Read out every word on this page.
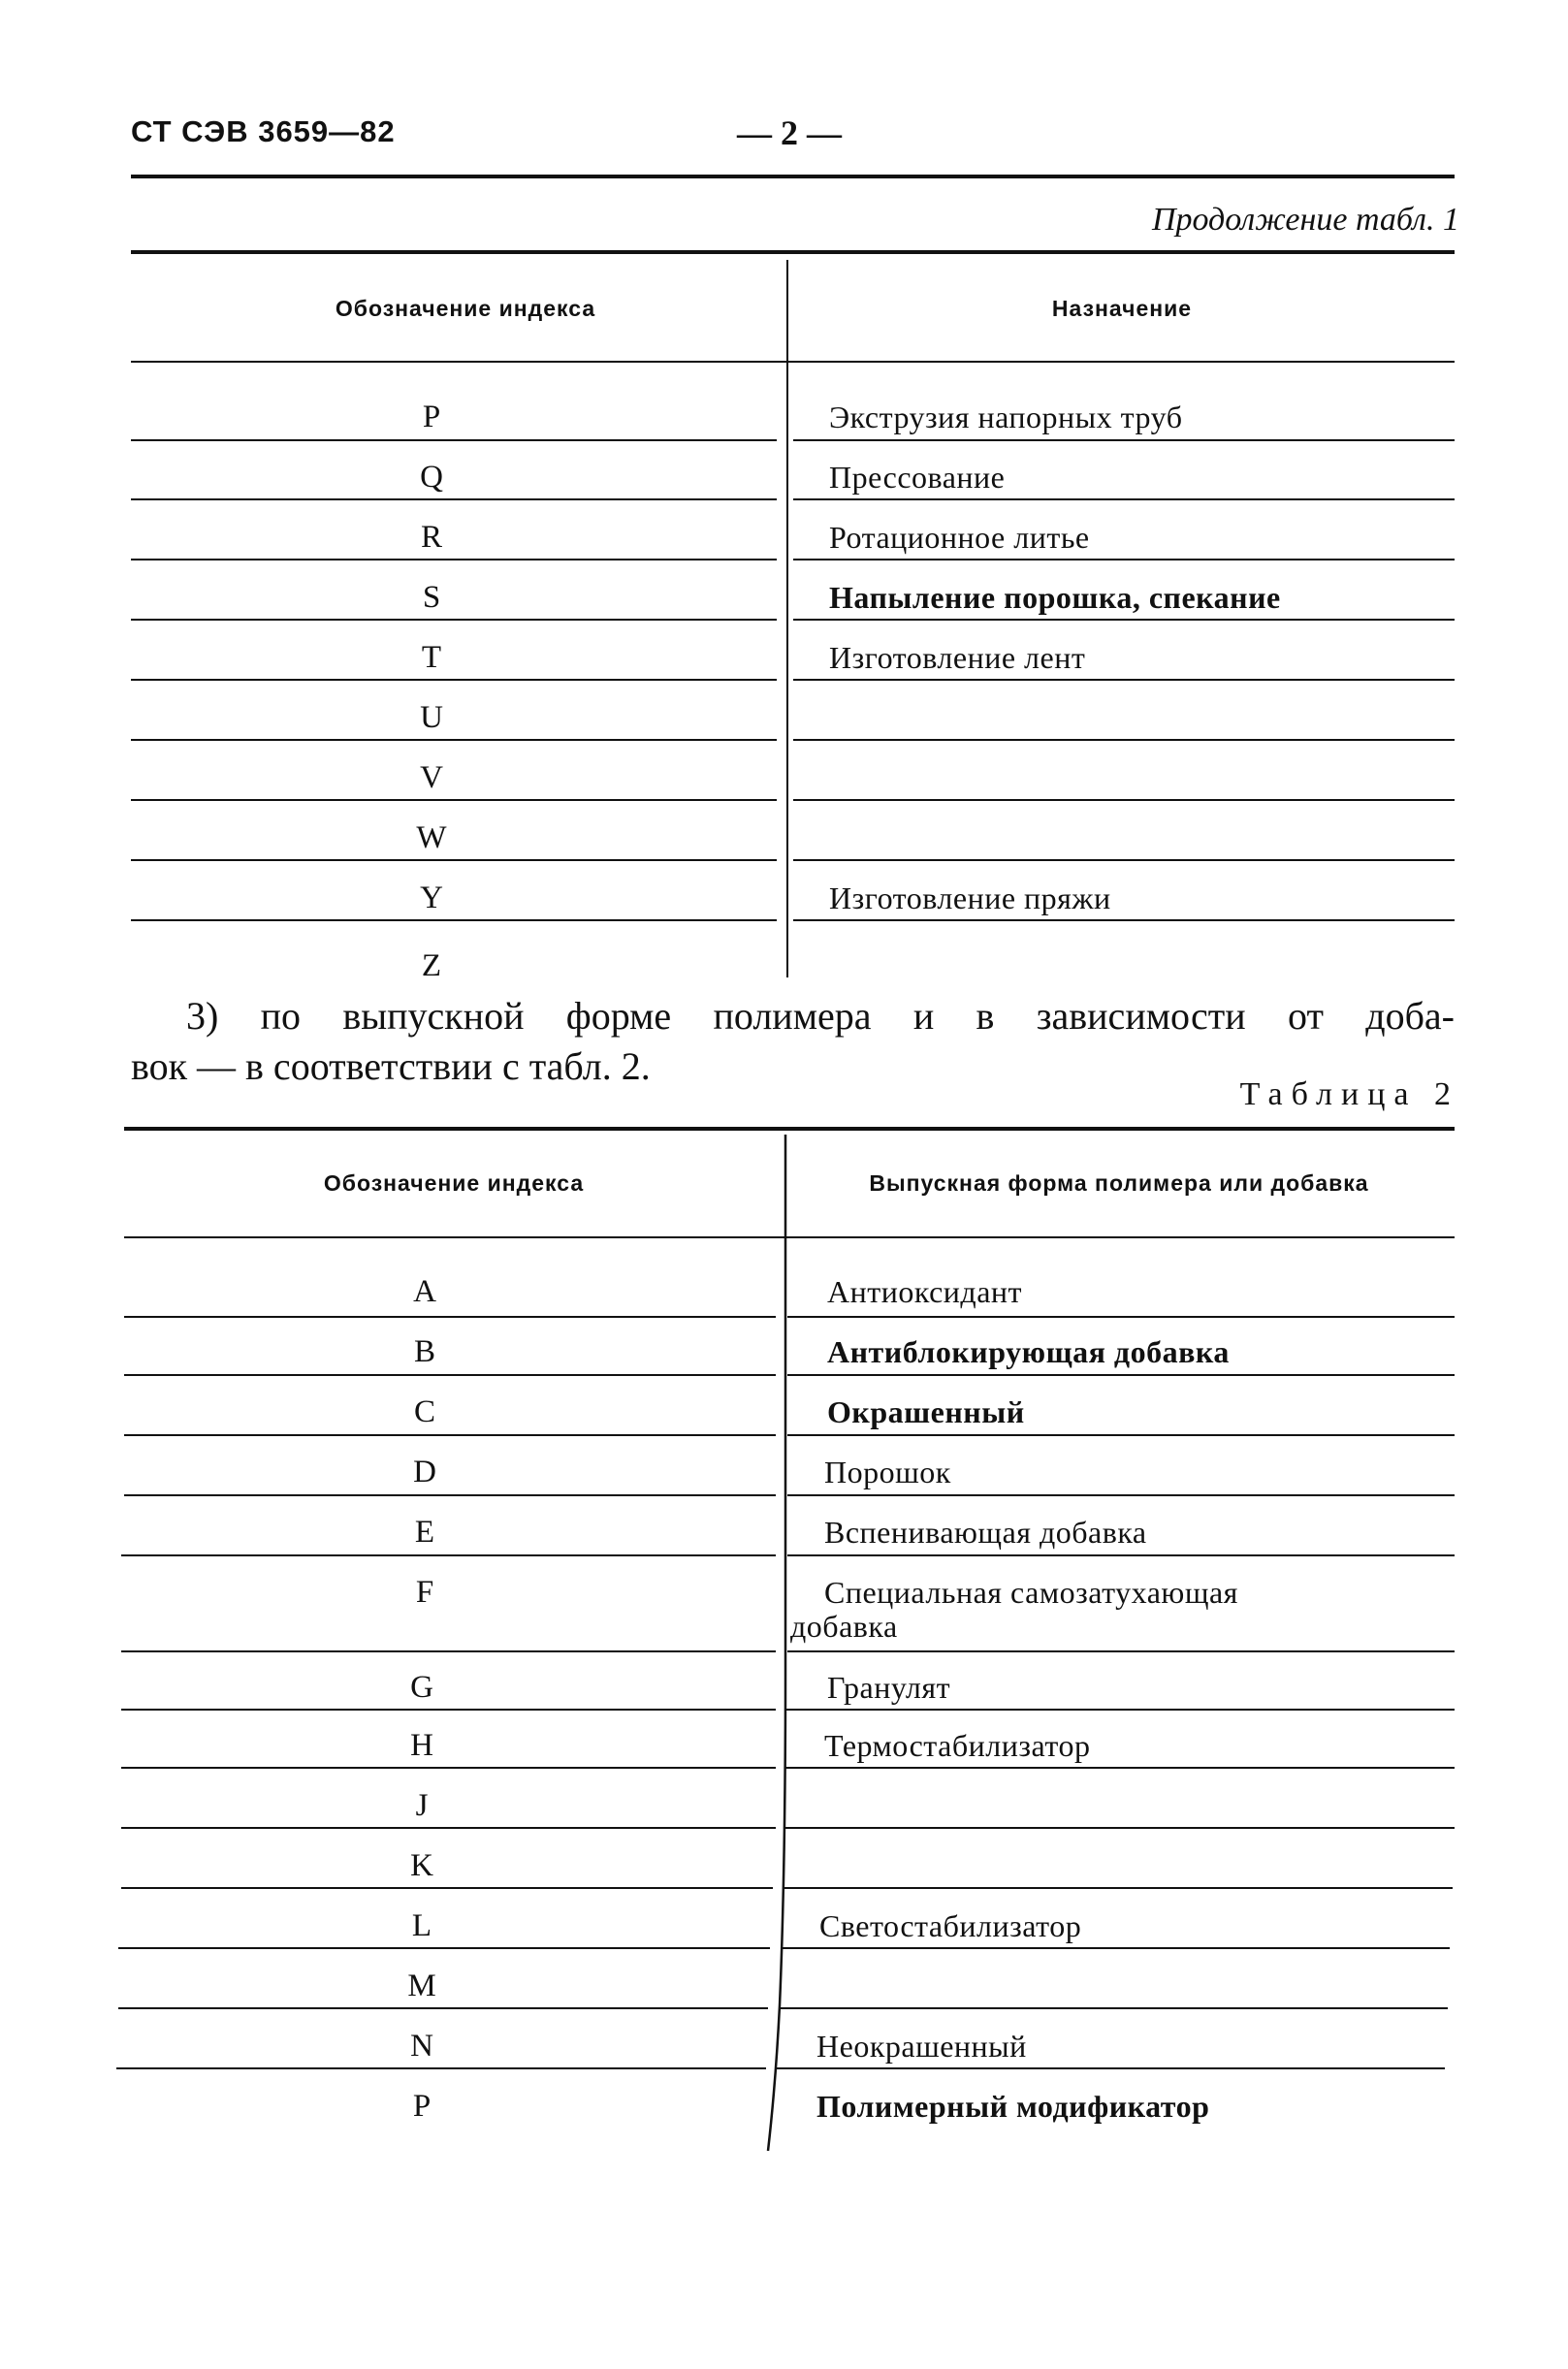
СТ СЭВ 3659—82	— 2 —
Продолжение табл. 1
Обозначение индекса	Назначение
P	Экструзия напорных труб
Q	Прессование
R	Ротационное литье
S	Напыление порошка, спекание
T	Изготовление лент
U
V
W
Y	Изготовление пряжи
Z
3) по выпускной форме полимера и в зависимости от доба-
вок — в соответствии с табл. 2.
Таблица 2
Обозначение индекса	Выпускная форма полимера или добавка
A	Антиоксидант
B	Антиблокирующая добавка
C	Окрашенный
D	Порошок
E	Вспенивающая добавка
F	Специальная самозатухающая
добавка
G	Гранулят
H	Термостабилизатор
J
K
L	Светостабилизатор
M
N	Неокрашенный
P	Полимерный модификатор
